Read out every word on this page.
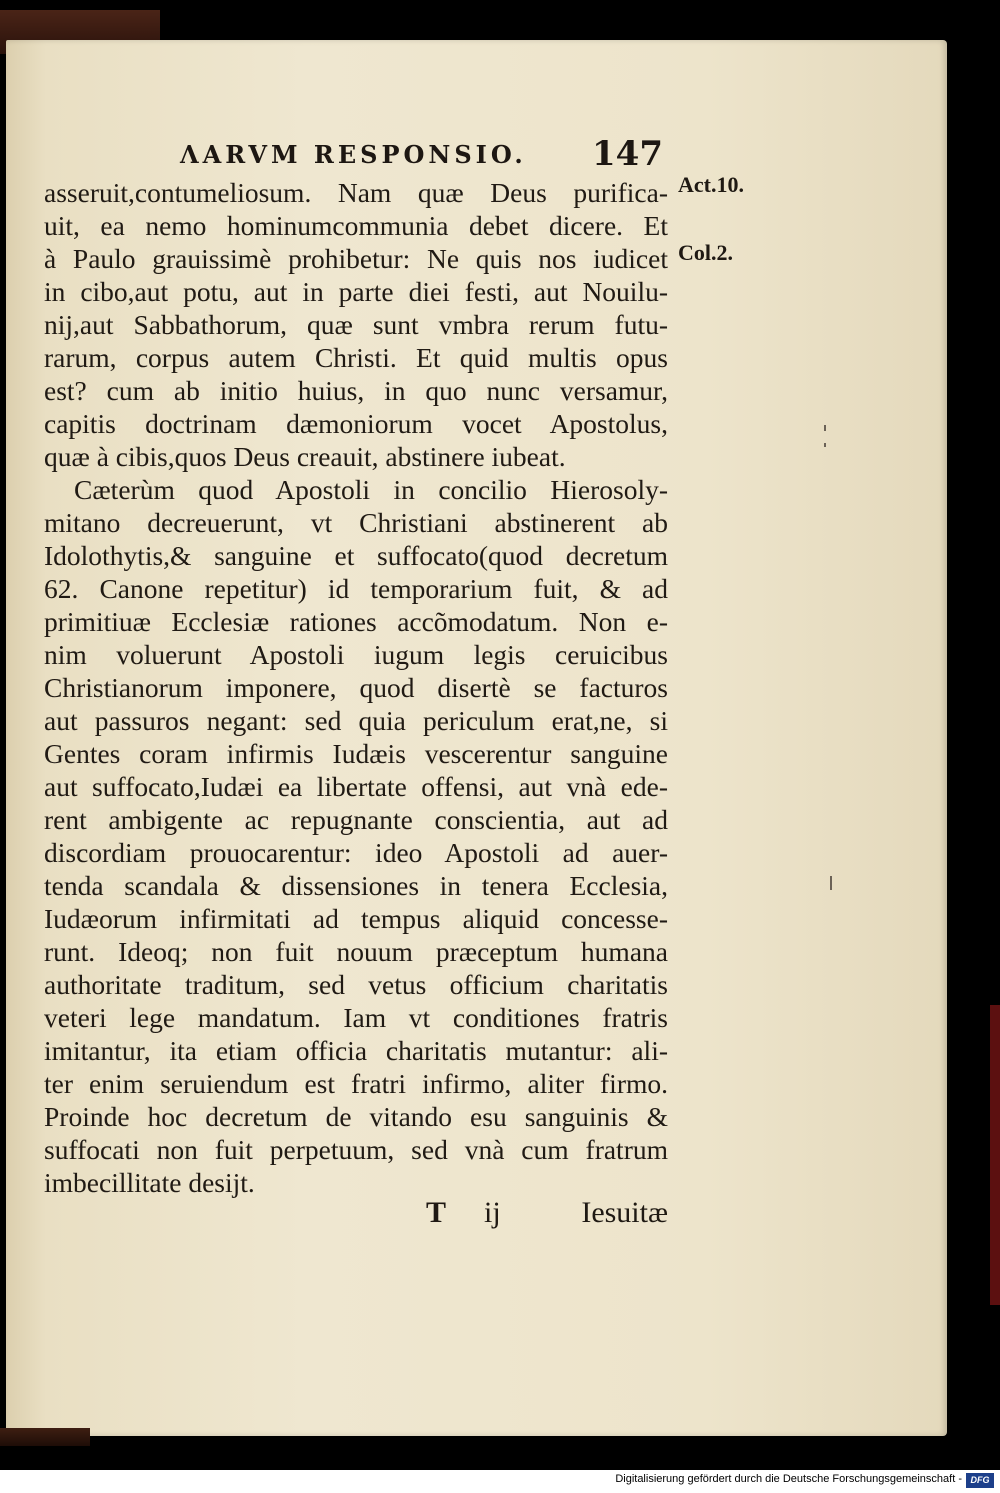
ΛARVM RESPONSIO. 147
Act.10.
Col.2.
asseruit,contumeliosum. Nam quæ Deus purifica-
uit, ea nemo hominumcommunia debet dicere. Et
à Paulo grauissimè prohibetur: Ne quis nos iudicet
in cibo,aut potu, aut in parte diei festi, aut Nouilu-
nij,aut Sabbathorum, quæ sunt vmbra rerum futu-
rarum, corpus autem Christi. Et quid multis opus
est? cum ab initio huius, in quo nunc versamur,
capitis doctrinam dæmoniorum vocet Apostolus,
quæ à cibis,quos Deus creauit, abstinere iubeat.
Cæterùm quod Apostoli in concilio Hierosoly-
mitano decreuerunt, vt Christiani abstinerent ab
Idolothytis,& sanguine et suffocato(quod decretum
62. Canone repetitur) id temporarium fuit, & ad
primitiuæ Ecclesiæ rationes accõmodatum. Non e-
nim voluerunt Apostoli iugum legis ceruicibus
Christianorum imponere, quod disertè se facturos
aut passuros negant: sed quia periculum erat,ne, si
Gentes coram infirmis Iudæis vescerentur sanguine
aut suffocato,Iudæi ea libertate offensi, aut vnà ede-
rent ambigente ac repugnante conscientia, aut ad
discordiam prouocarentur: ideo Apostoli ad auer-
tenda scandala & dissensiones in tenera Ecclesia,
Iudæorum infirmitati ad tempus aliquid concesse-
runt. Ideoq; non fuit nouum præceptum humana
authoritate traditum, sed vetus officium charitatis
veteri lege mandatum. Iam vt conditiones fratris
imitantur, ita etiam officia charitatis mutantur: ali-
ter enim seruiendum est fratri infirmo, aliter firmo.
Proinde hoc decretum de vitando esu sanguinis &
suffocati non fuit perpetuum, sed vnà cum fratrum
imbecillitate desijt.
T ij	Iesuitæ
Digitalisierung gefördert durch die Deutsche Forschungsgemeinschaft - DFG
